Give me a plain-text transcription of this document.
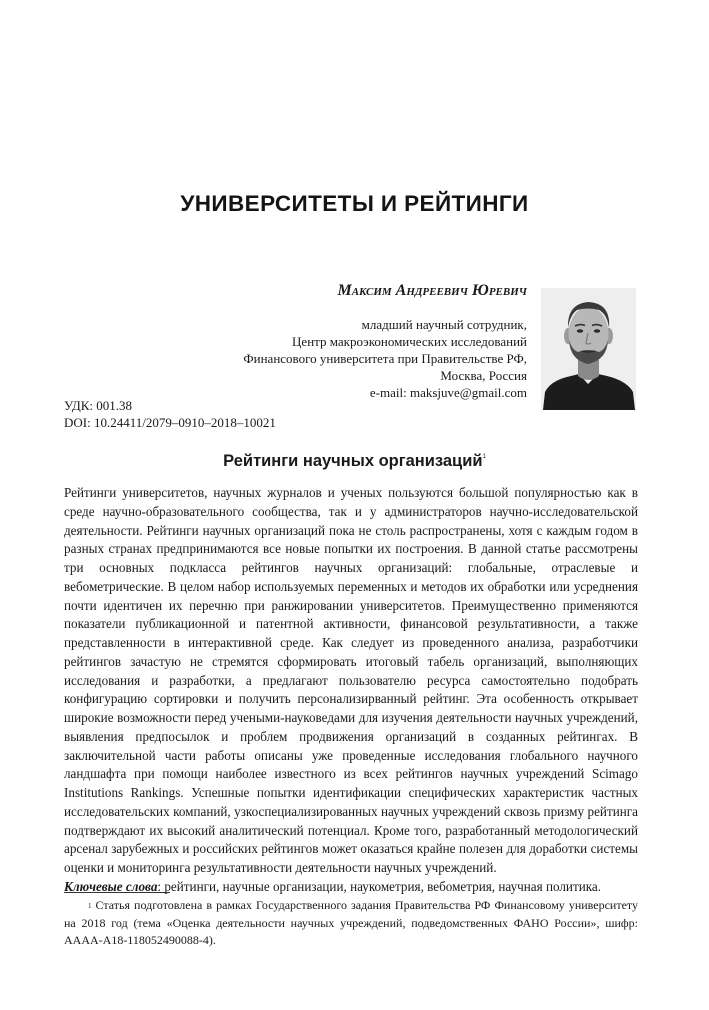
УНИВЕРСИТЕТЫ И РЕЙТИНГИ
Максим Андреевич Юревич
младший научный сотрудник,
Центр макроэкономических исследований
Финансового университета при Правительстве РФ,
Москва, Россия
e-mail: maksjuve@gmail.com
УДК: 001.38
DOI: 10.24411/2079–0910–2018–10021
Рейтинги научных организаций$^1$
Рейтинги университетов, научных журналов и ученых пользуются большой популярностью как в среде научно-образовательного сообщества, так и у администраторов научно-исследовательской деятельности. Рейтинги научных организаций пока не столь распространены, хотя с каждым годом в разных странах предпринимаются все новые попытки их построения. В данной статье рассмотрены три основных подкласса рейтингов научных организаций: глобальные, отраслевые и вебометрические. В целом набор используемых переменных и методов их обработки или усреднения почти идентичен их перечню при ранжировании университетов. Преимущественно применяются показатели публикационной и патентной активности, финансовой результативности, а также представленности в интерактивной среде. Как следует из проведенного анализа, разработчики рейтингов зачастую не стремятся сформировать итоговый табель организаций, выполняющих исследования и разработки, а предлагают пользователю ресурса самостоятельно подобрать конфигурацию сортировки и получить персонализирванный рейтинг. Эта особенность открывает широкие возможности перед учеными-науковедами для изучения деятельности научных учреждений, выявления предпосылок и проблем продвижения организаций в созданных рейтингах. В заключительной части работы описаны уже проведенные исследования глобального научного ландшафта при помощи наиболее известного из всех рейтингов научных учреждений Scimago Institutions Rankings. Успешные попытки идентификации специфических характеристик частных исследовательских компаний, узкоспециализированных научных учреждений сквозь призму рейтинга подтверждают их высокий аналитический потенциал. Кроме того, разработанный методологический арсенал зарубежных и российских рейтингов может оказаться крайне полезен для доработки системы оценки и мониторинга результативности деятельности научных учреждений.
Ключевые слова: рейтинги, научные организации, наукометрия, вебометрия, научная политика.
$^1$ Статья подготовлена в рамках Государственного задания Правительства РФ Финансовому университету на 2018 год (тема «Оценка деятельности научных учреждений, подведомственных ФАНО России», шифр: АААА-А18-118052490088-4).
